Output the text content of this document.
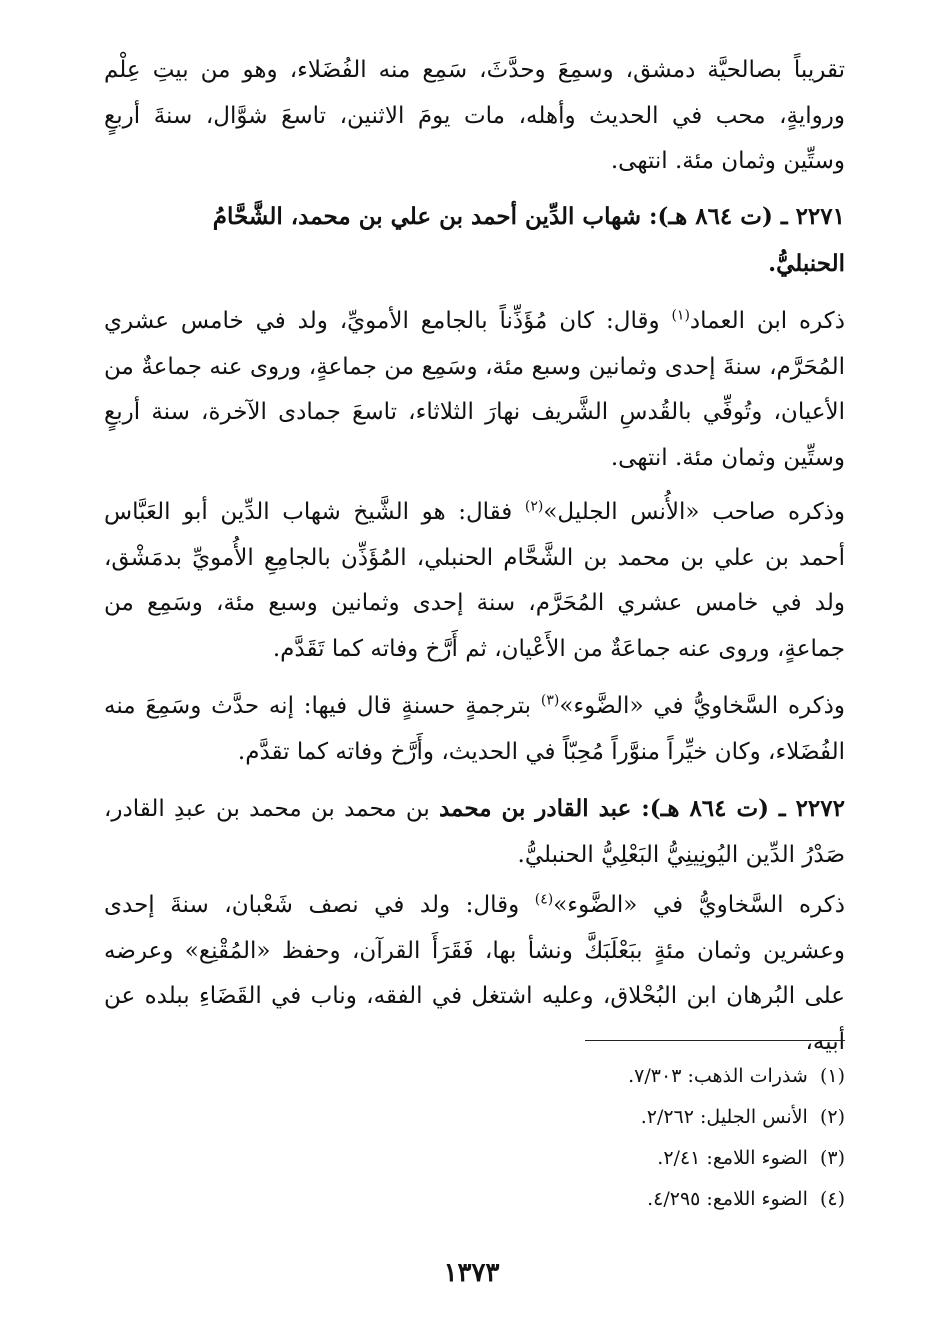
تقريباً بصالحيَّة دمشق، وسمِعَ وحدَّثَ، سَمِع منه الفُضَلاء، وهو من بيتِ عِلْم وروايةٍ، محب في الحديث وأهله، مات يومَ الاثنين، تاسعَ شوَّال، سنةَ أربعٍ وستِّين وثمان مئة. انتهى.

٢٢٧١ ـ (ت ٨٦٤ هـ): شهاب الدِّين أحمد بن علي بن محمد، الشَّحَّامُ
الحنبليُّ.

ذكره ابن العماد$^{(١)}$ وقال: كان مُؤَذِّناً بالجامع الأمويِّ، ولد في خامس عشري المُحَرَّم، سنةَ إحدى وثمانين وسبع مئة، وسَمِع من جماعةٍ، وروى عنه جماعةٌ من الأعيان، وتُوفِّي بالقُدسِ الشَّريف نهارَ الثلاثاء، تاسعَ جمادى الآخرة، سنة أربعٍ وستِّين وثمان مئة. انتهى.

وذكره صاحب «الأُنس الجليل»$^{(٢)}$ فقال: هو الشَّيخ شهاب الدِّين أبو العَبَّاس أحمد بن علي بن محمد بن الشَّحَّام الحنبلي، المُؤَذِّن بالجامِعِ الأُمويِّ بدمَشْق، ولد في خامس عشري المُحَرَّم، سنة إحدى وثمانين وسبع مئة، وسَمِع من جماعةٍ، وروى عنه جماعَةٌ من الأَعْيان، ثم أَرَّخ وفاته كما تَقَدَّم.

وذكره السَّخاويُّ في «الضَّوء»$^{(٣)}$ بترجمةٍ حسنةٍ قال فيها: إنه حدَّث وسَمِعَ منه الفُضَلاء، وكان خيِّراً منوَّراً مُحِبّاً في الحديث، وأَرَّخ وفاته كما تقدَّم.

٢٢٧٢ ـ (ت ٨٦٤ هـ): عبد القادر بن محمد بن محمد بن محمد بن عبدِ القادر، صَدْرُ الدِّين اليُونِينِيُّ البَعْلِيُّ الحنبليُّ.

ذكره السَّخاويُّ في «الضَّوء»$^{(٤)}$ وقال: ولد في نصف شَعْبان، سنةَ إحدى وعشرين وثمان مئةٍ ببَعْلَبَكَّ ونشأ بها، فَقَرَأَ القرآن، وحفظ «المُقْنِع» وعرضه على البُرهان ابن البُحْلاق، وعليه اشتغل في الفقه، وناب في القَضَاءِ ببلده عن أبيه،

(١)  شذرات الذهب: ٧/٣٠٣.
(٢)  الأنس الجليل: ٢/٢٦٢.
(٣)  الضوء اللامع: ٢/٤١.
(٤)  الضوء اللامع: ٤/٢٩٥.
١٣٧٣
